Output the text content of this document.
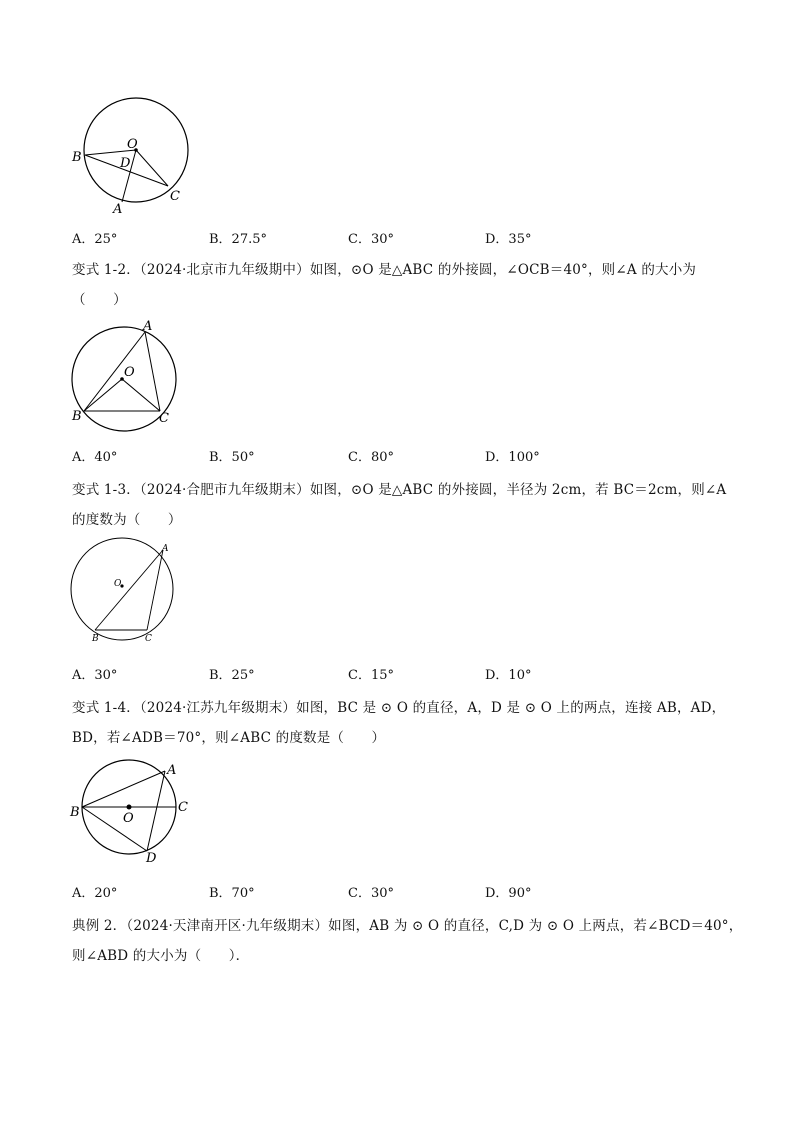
O
B	D
A
C
A．25°	B．27.5°	C．30°	D．35°
变式 1-2．（2024·北京市九年级期中）如图，⊙O 是△ABC 的外接圆，∠OCB＝40°，则∠A 的大小为
（　　）
A
O
B	C
A．40°	B．50°	C．80°	D．100°
变式 1-3．（2024·合肥市九年级期末）如图，⊙O 是△ABC 的外接圆，半径为 2cm，若 BC＝2cm，则∠A
的度数为（　　）
A
O
B	C
A．30°	B．25°	C．15°	D．10°
变式 1-4．（2024·江苏九年级期末）如图，BC 是 ⊙ O 的直径，A，D 是 ⊙ O 上的两点，连接 AB，AD，
BD，若∠ADB＝70°，则∠ABC 的度数是（　　）
A
B	O
C
D
A．20°	B．70°	C．30°	D．90°
典例 2．（2024·天津南开区·九年级期末）如图，AB 为 ⊙ O 的直径，C,D 为 ⊙ O 上两点，若∠BCD＝40°，
则∠ABD 的大小为（　　）．
